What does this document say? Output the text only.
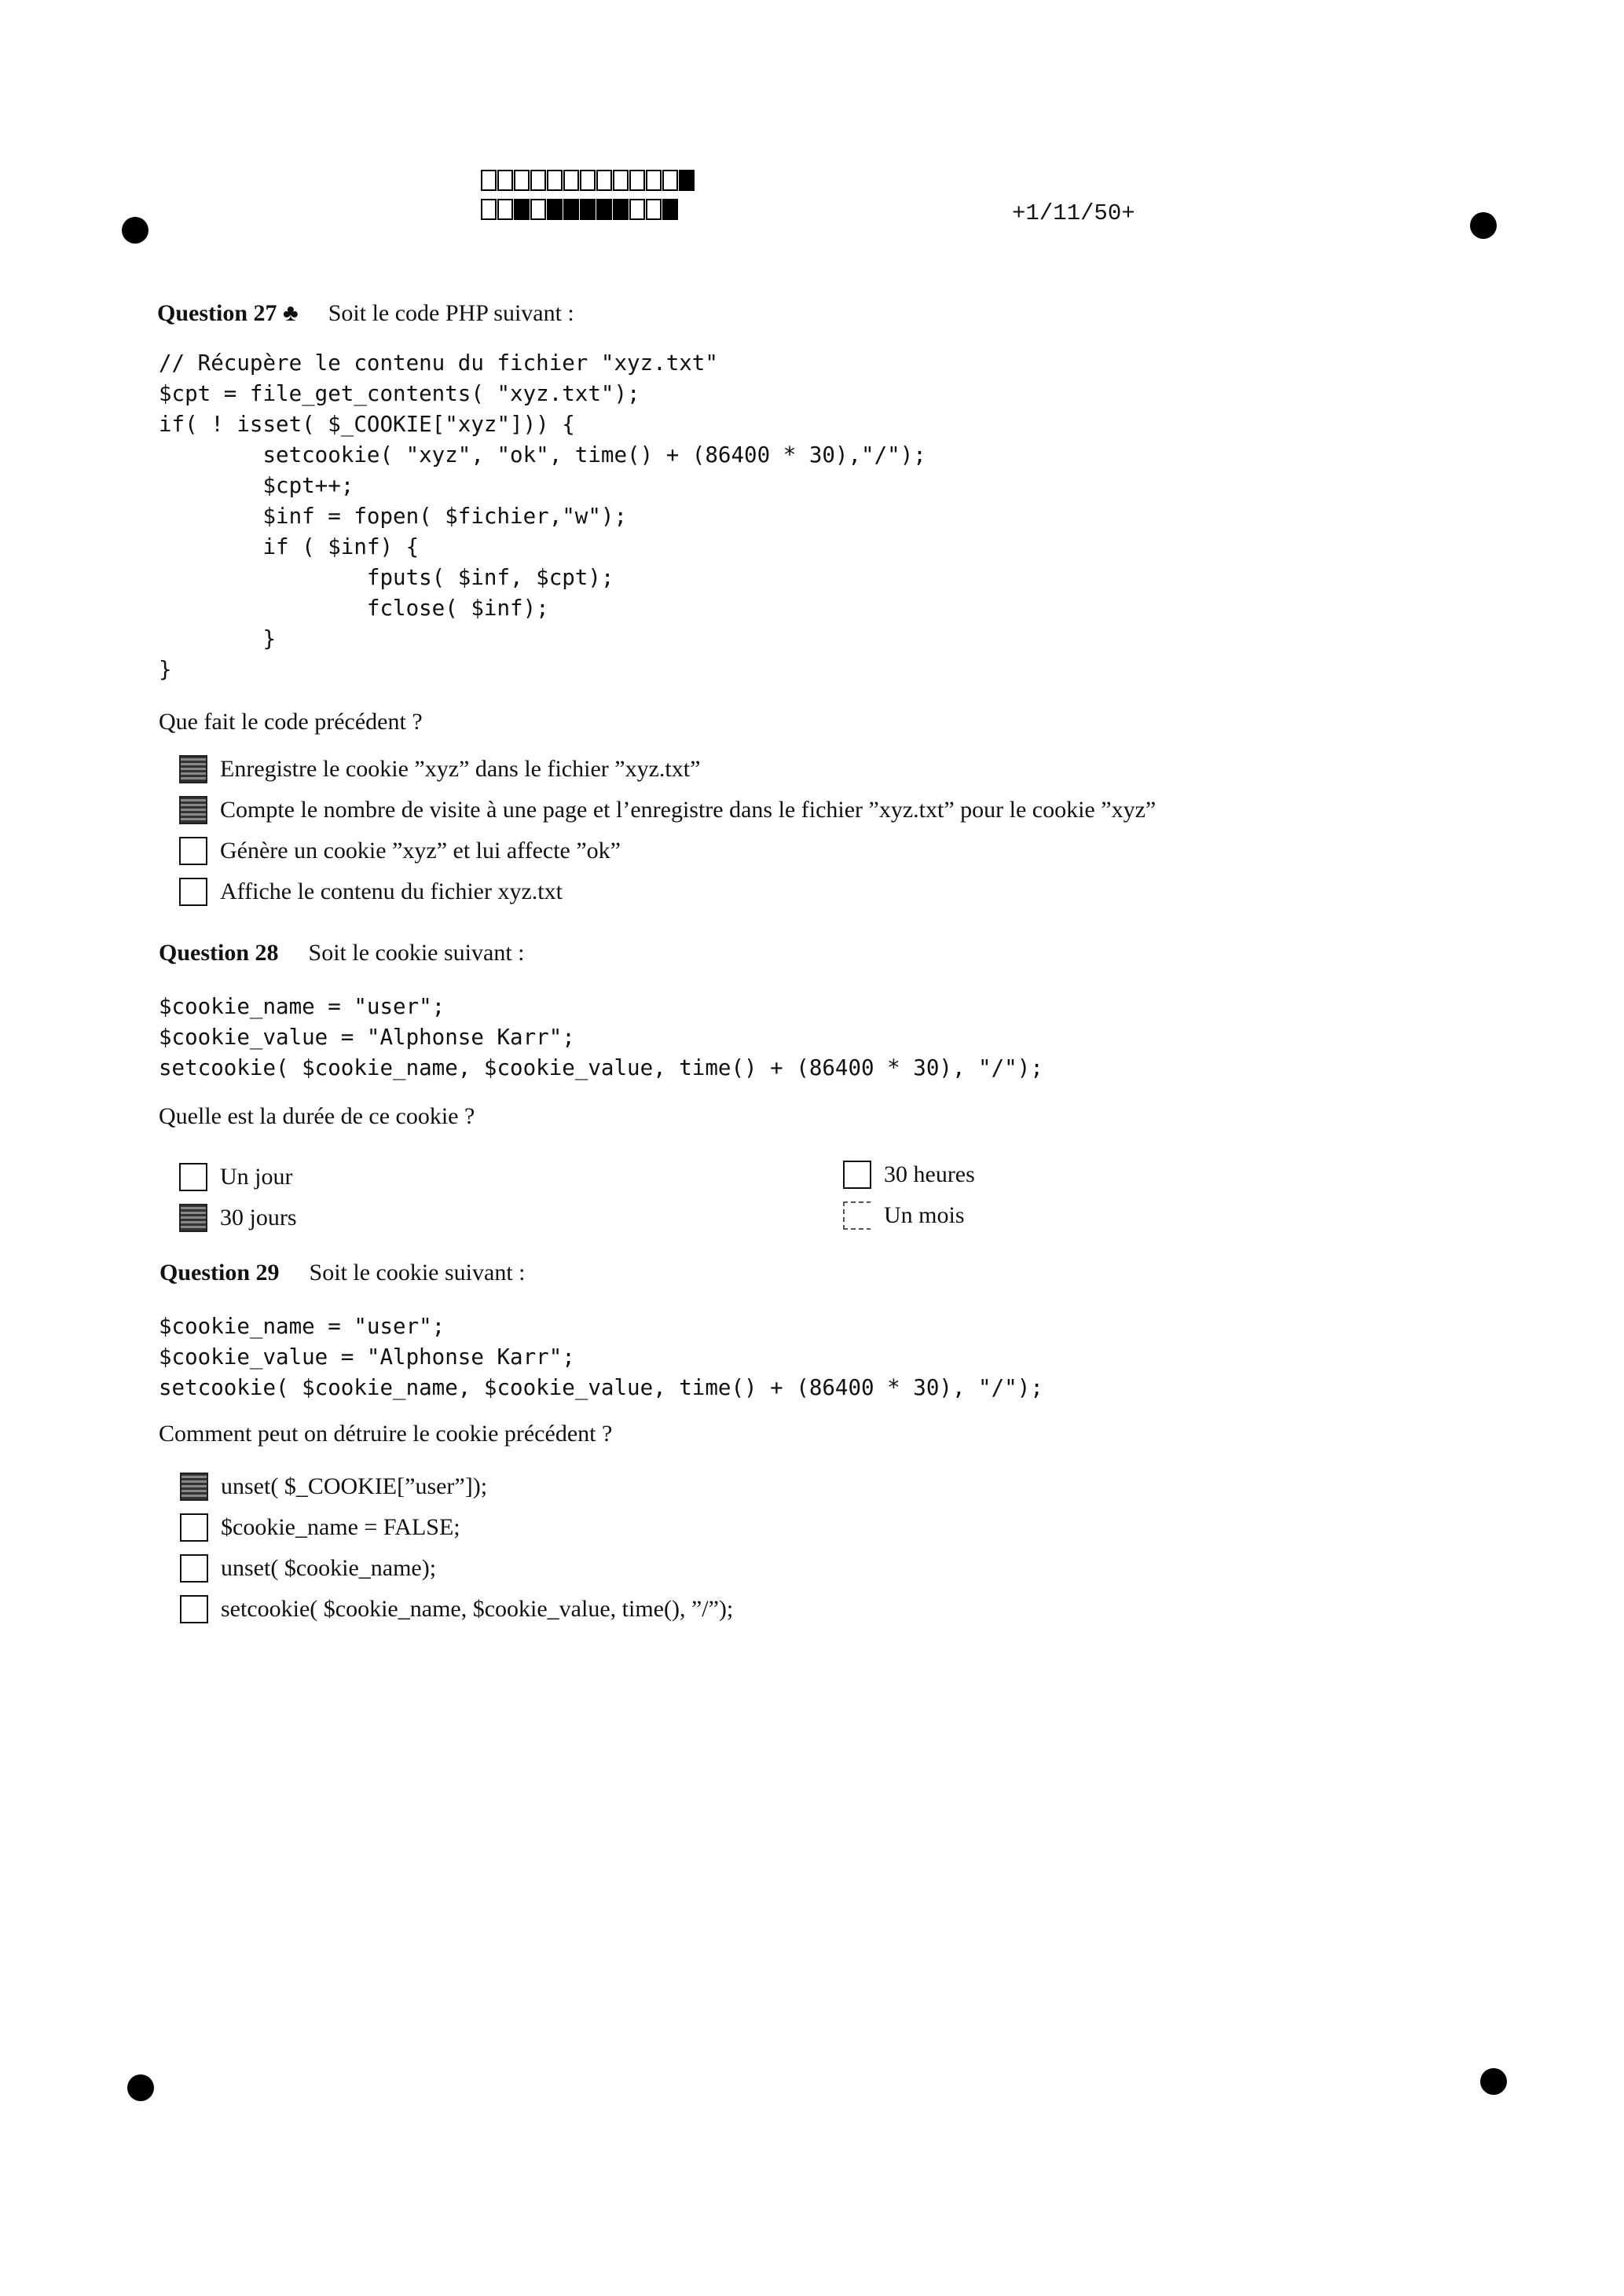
+1/11/50+
Question 27 ♣ Soit le code PHP suivant :
// Récupère le contenu du fichier "xyz.txt"
$cpt = file_get_contents( "xyz.txt");
if( ! isset( $_COOKIE["xyz"])) {
setcookie( "xyz", "ok", time() + (86400 * 30),"/");
$cpt++;
$inf = fopen( $fichier,"w");
if ( $inf) {
fputs( $inf, $cpt);
fclose( $inf);
}
}
Que fait le code précédent ?
Enregistre le cookie ”xyz” dans le fichier ”xyz.txt”
Compte le nombre de visite à une page et l’enregistre dans le fichier ”xyz.txt” pour le cookie ”xyz”
Génère un cookie ”xyz” et lui affecte ”ok”
Affiche le contenu du fichier xyz.txt
Question 28 Soit le cookie suivant :
$cookie_name = "user";
$cookie_value = "Alphonse Karr";
setcookie( $cookie_name, $cookie_value, time() + (86400 * 30), "/");
Quelle est la durée de ce cookie ?
Un jour	30 heures
30 jours	Un mois
Question 29 Soit le cookie suivant :
$cookie_name = "user";
$cookie_value = "Alphonse Karr";
setcookie( $cookie_name, $cookie_value, time() + (86400 * 30), "/");
Comment peut on détruire le cookie précédent ?
unset( $_COOKIE[”user”]);
$cookie_name = FALSE;
unset( $cookie_name);
setcookie( $cookie_name, $cookie_value, time(), ”/”);
